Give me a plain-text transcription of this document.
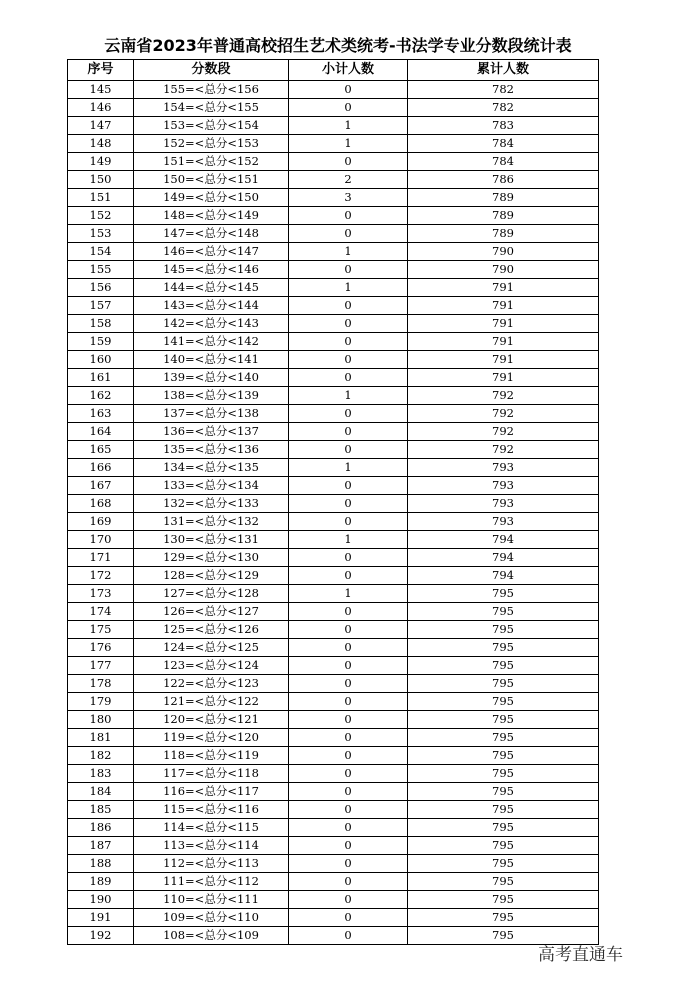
云南省2023年普通高校招生艺术类统考-书法学专业分数段统计表
序号	分数段	小计人数	累计人数
145	155=<总分<156	0	782
146	154=<总分<155	0	782
147	153=<总分<154	1	783
148	152=<总分<153	1	784
149	151=<总分<152	0	784
150	150=<总分<151	2	786
151	149=<总分<150	3	789
152	148=<总分<149	0	789
153	147=<总分<148	0	789
154	146=<总分<147	1	790
155	145=<总分<146	0	790
156	144=<总分<145	1	791
157	143=<总分<144	0	791
158	142=<总分<143	0	791
159	141=<总分<142	0	791
160	140=<总分<141	0	791
161	139=<总分<140	0	791
162	138=<总分<139	1	792
163	137=<总分<138	0	792
164	136=<总分<137	0	792
165	135=<总分<136	0	792
166	134=<总分<135	1	793
167	133=<总分<134	0	793
168	132=<总分<133	0	793
169	131=<总分<132	0	793
170	130=<总分<131	1	794
171	129=<总分<130	0	794
172	128=<总分<129	0	794
173	127=<总分<128	1	795
174	126=<总分<127	0	795
175	125=<总分<126	0	795
176	124=<总分<125	0	795
177	123=<总分<124	0	795
178	122=<总分<123	0	795
179	121=<总分<122	0	795
180	120=<总分<121	0	795
181	119=<总分<120	0	795
182	118=<总分<119	0	795
183	117=<总分<118	0	795
184	116=<总分<117	0	795
185	115=<总分<116	0	795
186	114=<总分<115	0	795
187	113=<总分<114	0	795
188	112=<总分<113	0	795
189	111=<总分<112	0	795
190	110=<总分<111	0	795
191	109=<总分<110	0	795
192	108=<总分<109	0	795
高考直通车
